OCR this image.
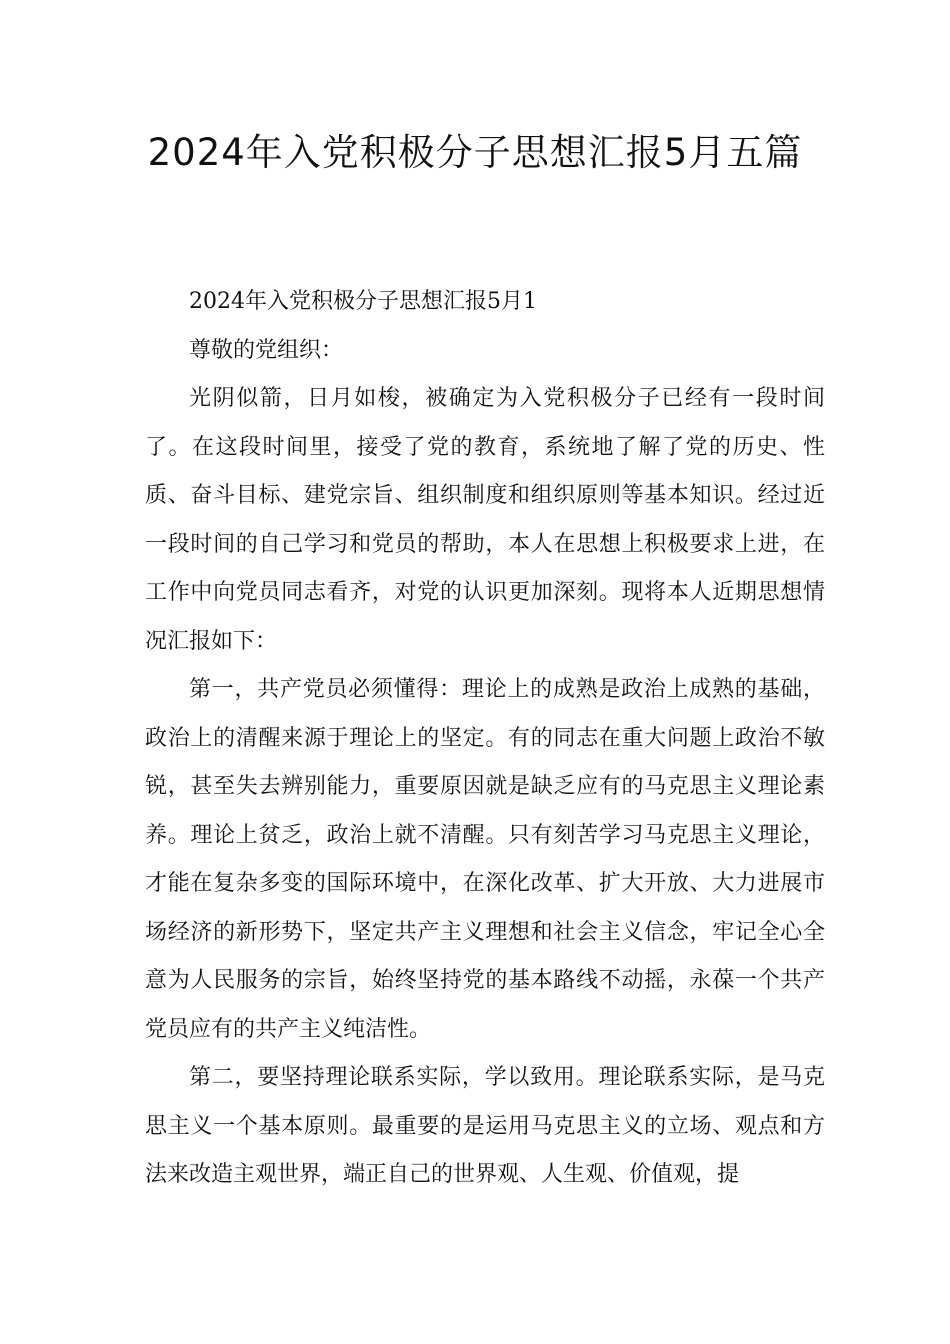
2024年入党积极分子思想汇报5月五篇

2024年入党积极分子思想汇报5月1

尊敬的党组织：

光阴似箭，日月如梭，被确定为入党积极分子已经有一段时间了。在这段时间里，接受了党的教育，系统地了解了党的历史、性质、奋斗目标、建党宗旨、组织制度和组织原则等基本知识。经过近一段时间的自己学习和党员的帮助，本人在思想上积极要求上进，在工作中向党员同志看齐，对党的认识更加深刻。现将本人近期思想情况汇报如下：

第一，共产党员必须懂得：理论上的成熟是政治上成熟的基础，政治上的清醒来源于理论上的坚定。有的同志在重大问题上政治不敏锐，甚至失去辨别能力，重要原因就是缺乏应有的马克思主义理论素养。理论上贫乏，政治上就不清醒。只有刻苦学习马克思主义理论，才能在复杂多变的国际环境中，在深化改革、扩大开放、大力进展市场经济的新形势下，坚定共产主义理想和社会主义信念，牢记全心全意为人民服务的宗旨，始终坚持党的基本路线不动摇，永葆一个共产党员应有的共产主义纯洁性。

第二，要坚持理论联系实际，学以致用。理论联系实际，是马克思主义一个基本原则。最重要的是运用马克思主义的立场、观点和方法来改造主观世界，端正自己的世界观、人生观、价值观，提
